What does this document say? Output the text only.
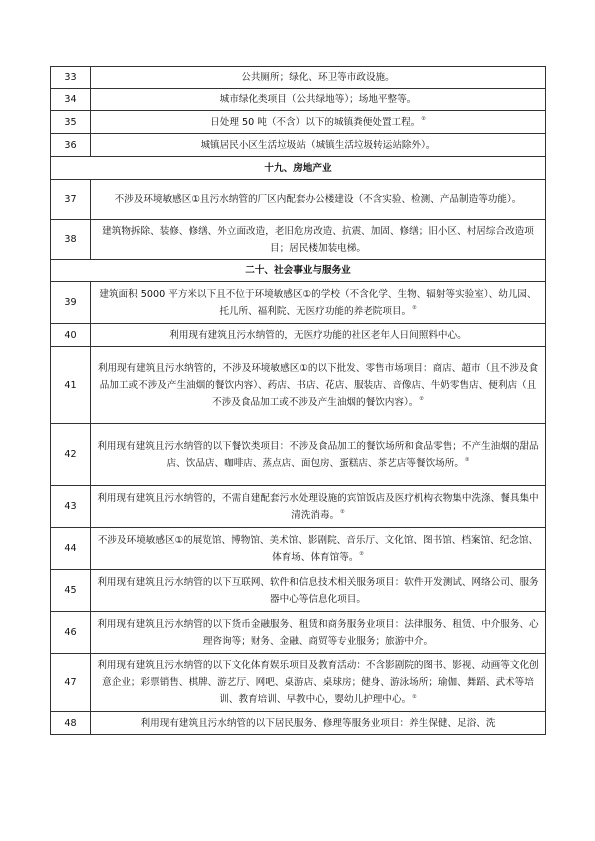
33	公共厕所；绿化、环卫等市政设施。
34	城市绿化类项目（公共绿地等）；场地平整等。
35	日处理 50 吨（不含）以下的城镇粪便处置工程。②
36	城镇居民小区生活垃圾站（城镇生活垃圾转运站除外）。
十九、房地产业	
37	不涉及环境敏感区①且污水纳管的厂区内配套办公楼建设（不含实验、检测、产品制造等功能）。
38	建筑物拆除、装修、修缮、外立面改造，老旧危房改造、抗震、加固、修缮；旧小区、村居综合改造项目；居民楼加装电梯。
二十、社会事业与服务业	
39	建筑面积 5000 平方米以下且不位于环境敏感区①的学校（不含化学、生物、辐射等实验室）、幼儿园、托儿所、福利院、无医疗功能的养老院项目。②
40	利用现有建筑且污水纳管的，无医疗功能的社区老年人日间照料中心。
41	利用现有建筑且污水纳管的，不涉及环境敏感区①的以下批发、零售市场项目：商店、超市（且不涉及食品加工或不涉及产生油烟的餐饮内容）、药店、书店、花店、服装店、音像店、牛奶零售店、便利店（且不涉及食品加工或不涉及产生油烟的餐饮内容）。②
42	利用现有建筑且污水纳管的以下餐饮类项目：不涉及食品加工的餐饮场所和食品零售；不产生油烟的甜品店、饮品店、咖啡店、蒸点店、面包房、蛋糕店、茶艺店等餐饮场所。②
43	利用现有建筑且污水纳管的，不需自建配套污水处理设施的宾馆饭店及医疗机构衣物集中洗涤、餐具集中清洗消毒。②
44	不涉及环境敏感区①的展览馆、博物馆、美术馆、影剧院、音乐厅、文化馆、图书馆、档案馆、纪念馆、体育场、体育馆等。②
45	利用现有建筑且污水纳管的以下互联网、软件和信息技术相关服务项目：软件开发测试、网络公司、服务器中心等信息化项目。
46	利用现有建筑且污水纳管的以下货币金融服务、租赁和商务服务业项目：法律服务、租赁、中介服务、心理咨询等；财务、金融、商贸等专业服务；旅游中介。
47	利用现有建筑且污水纳管的以下文化体育娱乐项目及教育活动：不含影剧院的图书、影视、动画等文化创意企业；彩票销售、棋牌、游艺厅、网吧、桌游店、桌球房；健身、游泳场所；瑜伽、舞蹈、武术等培训、教育培训、早教中心，婴幼儿护理中心。②
48	利用现有建筑且污水纳管的以下居民服务、修理等服务业项目：养生保健、足浴、洗
